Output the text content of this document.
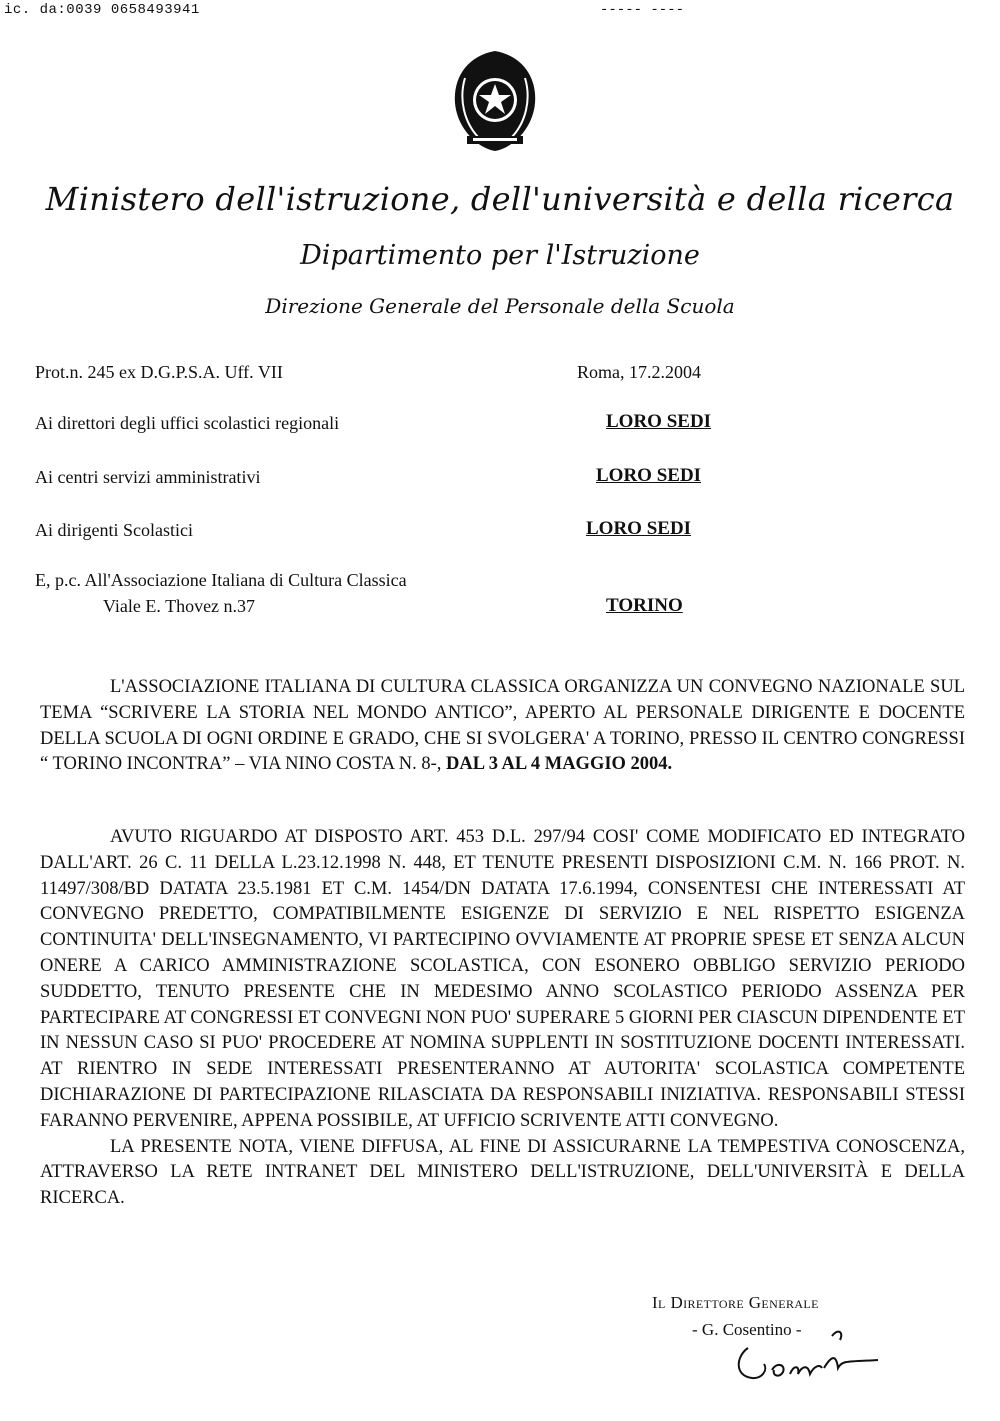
ic. da:0039 0658493941	----- ----
Ministero dell'istruzione, dell'università e della ricerca
Dipartimento per l'Istruzione
Direzione Generale del Personale della Scuola
Prot.n. 245 ex D.G.P.S.A. Uff. VII	Roma, 17.2.2004
Ai direttori degli uffici scolastici regionali	LORO SEDI
Ai centri servizi amministrativi	LORO SEDI
Ai dirigenti Scolastici	LORO SEDI
E, p.c. All'Associazione Italiana di Cultura Classica
Viale E. Thovez n.37	TORINO

L'ASSOCIAZIONE ITALIANA DI CULTURA CLASSICA ORGANIZZA UN CONVEGNO NAZIONALE SUL TEMA “SCRIVERE LA STORIA NEL MONDO ANTICO”, APERTO AL PERSONALE DIRIGENTE E DOCENTE DELLA SCUOLA DI OGNI ORDINE E GRADO, CHE SI SVOLGERA' A TORINO, PRESSO IL CENTRO CONGRESSI “ TORINO INCONTRA” – VIA NINO COSTA N. 8-, DAL 3 AL 4 MAGGIO 2004.

AVUTO RIGUARDO AT DISPOSTO ART. 453 D.L. 297/94 COSI' COME MODIFICATO ED INTEGRATO DALL'ART. 26 C. 11 DELLA L.23.12.1998 N. 448, ET TENUTE PRESENTI DISPOSIZIONI C.M. N. 166 PROT. N. 11497/308/BD DATATA 23.5.1981 ET C.M. 1454/DN DATATA 17.6.1994, CONSENTESI CHE INTERESSATI AT CONVEGNO PREDETTO, COMPATIBILMENTE ESIGENZE DI SERVIZIO E NEL RISPETTO ESIGENZA CONTINUITA' DELL'INSEGNAMENTO, VI PARTECIPINO OVVIAMENTE AT PROPRIE SPESE ET SENZA ALCUN ONERE A CARICO AMMINISTRAZIONE SCOLASTICA, CON ESONERO OBBLIGO SERVIZIO PERIODO SUDDETTO, TENUTO PRESENTE CHE IN MEDESIMO ANNO SCOLASTICO PERIODO ASSENZA PER PARTECIPARE AT CONGRESSI ET CONVEGNI NON PUO' SUPERARE 5 GIORNI PER CIASCUN DIPENDENTE ET IN NESSUN CASO SI PUO' PROCEDERE AT NOMINA SUPPLENTI IN SOSTITUZIONE DOCENTI INTERESSATI. AT RIENTRO IN SEDE INTERESSATI PRESENTERANNO AT AUTORITA' SCOLASTICA COMPETENTE DICHIARAZIONE DI PARTECIPAZIONE RILASCIATA DA RESPONSABILI INIZIATIVA. RESPONSABILI STESSI FARANNO PERVENIRE, APPENA POSSIBILE, AT UFFICIO SCRIVENTE ATTI CONVEGNO.

LA PRESENTE NOTA, VIENE DIFFUSA, AL FINE DI ASSICURARNE LA TEMPESTIVA CONOSCENZA, ATTRAVERSO LA RETE INTRANET DEL MINISTERO DELL'ISTRUZIONE, DELL'UNIVERSITÀ E DELLA RICERCA.

Il Direttore Generale
- G. Cosentino -
